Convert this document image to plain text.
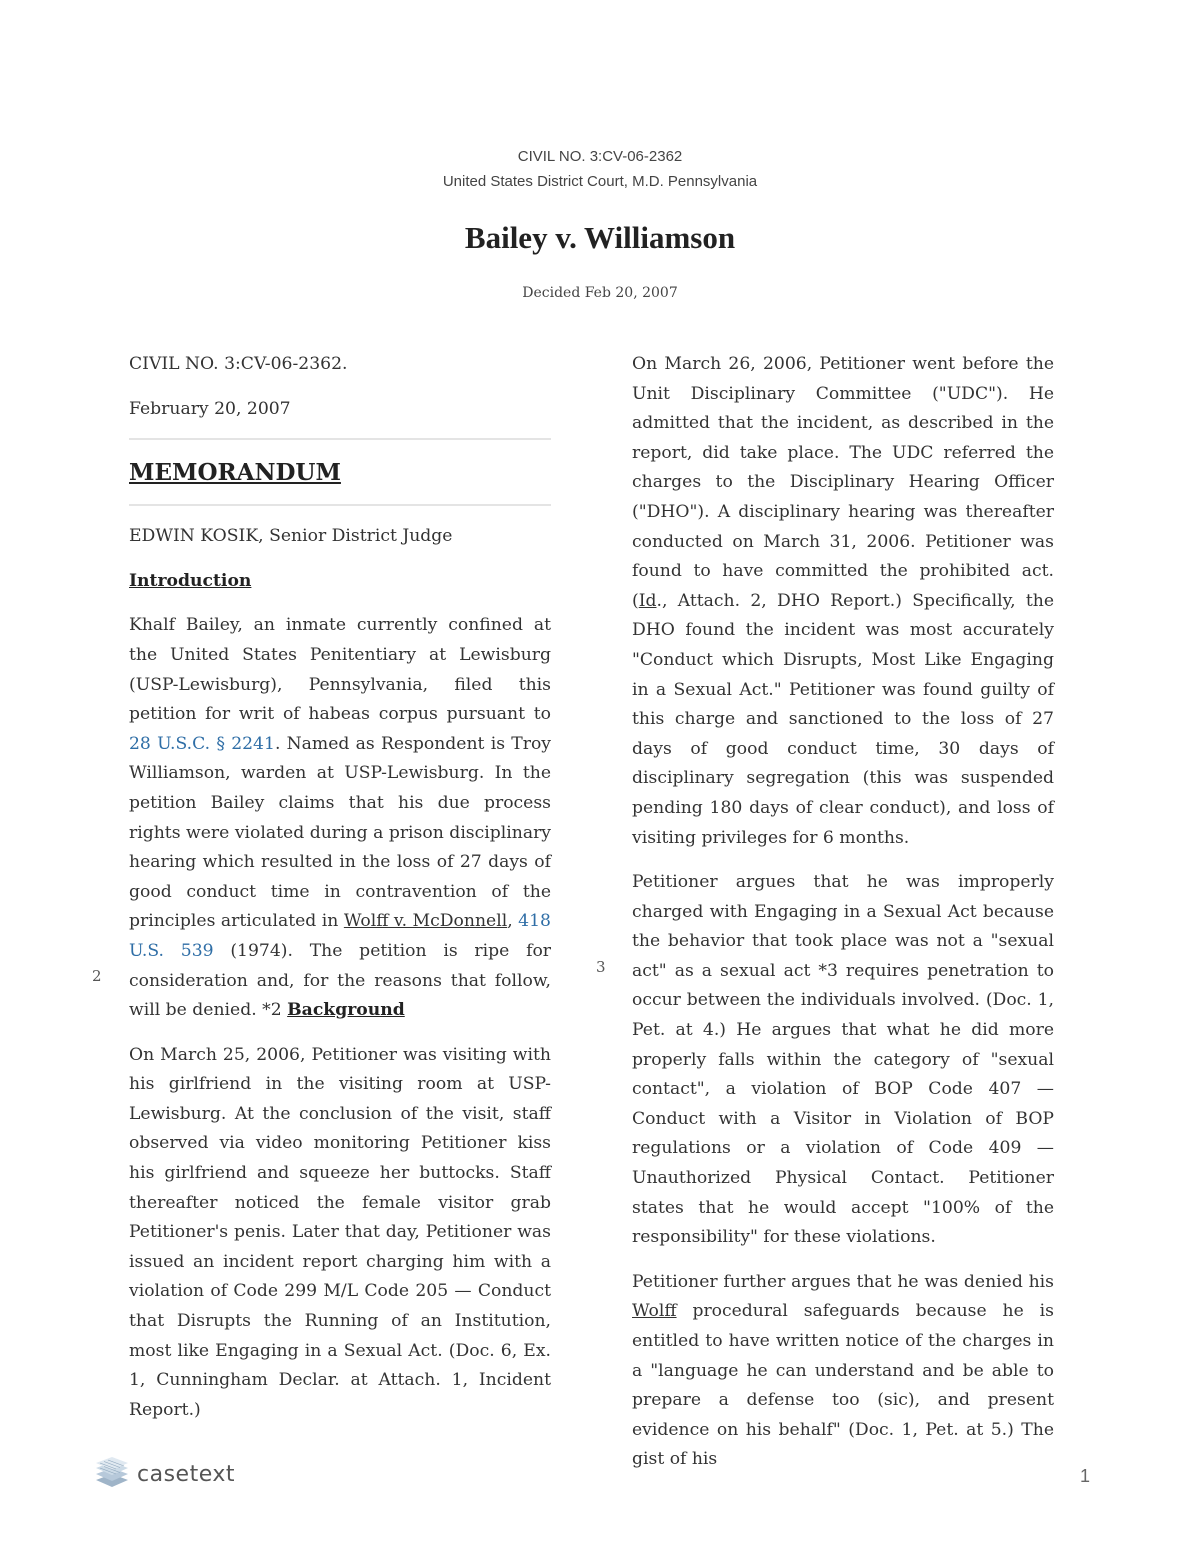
CIVIL NO. 3:CV-06-2362
United States District Court, M.D. Pennsylvania
Bailey v. Williamson
Decided Feb 20, 2007

CIVIL NO. 3:CV-06-2362.

February 20, 2007

MEMORANDUM

EDWIN KOSIK, Senior District Judge

Introduction

Khalf Bailey, an inmate currently confined at the United States Penitentiary at Lewisburg (USP-Lewisburg), Pennsylvania, filed this petition for writ of habeas corpus pursuant to 28 U.S.C. § 2241. Named as Respondent is Troy Williamson, warden at USP-Lewisburg. In the petition Bailey claims that his due process rights were violated during a prison disciplinary hearing which resulted in the loss of 27 days of good conduct time in contravention of the principles articulated in Wolff v. McDonnell, 418 U.S. 539 (1974). The petition is ripe for consideration and, for the reasons that follow, will be denied. *2 Background

On March 25, 2006, Petitioner was visiting with his girlfriend in the visiting room at USP-Lewisburg. At the conclusion of the visit, staff observed via video monitoring Petitioner kiss his girlfriend and squeeze her buttocks. Staff thereafter noticed the female visitor grab Petitioner's penis. Later that day, Petitioner was issued an incident report charging him with a violation of Code 299 M/L Code 205 — Conduct that Disrupts the Running of an Institution, most like Engaging in a Sexual Act. (Doc. 6, Ex. 1, Cunningham Declar. at Attach. 1, Incident Report.)

On March 26, 2006, Petitioner went before the Unit Disciplinary Committee ("UDC"). He admitted that the incident, as described in the report, did take place. The UDC referred the charges to the Disciplinary Hearing Officer ("DHO"). A disciplinary hearing was thereafter conducted on March 31, 2006. Petitioner was found to have committed the prohibited act. (Id., Attach. 2, DHO Report.) Specifically, the DHO found the incident was most accurately "Conduct which Disrupts, Most Like Engaging in a Sexual Act." Petitioner was found guilty of this charge and sanctioned to the loss of 27 days of good conduct time, 30 days of disciplinary segregation (this was suspended pending 180 days of clear conduct), and loss of visiting privileges for 6 months.

Petitioner argues that he was improperly charged with Engaging in a Sexual Act because the behavior that took place was not a "sexual act" as a sexual act *3 requires penetration to occur between the individuals involved. (Doc. 1, Pet. at 4.) He argues that what he did more properly falls within the category of "sexual contact", a violation of BOP Code 407 — Conduct with a Visitor in Violation of BOP regulations or a violation of Code 409 — Unauthorized Physical Contact. Petitioner states that he would accept "100% of the responsibility" for these violations.

Petitioner further argues that he was denied his Wolff procedural safeguards because he is entitled to have written notice of the charges in a "language he can understand and be able to prepare a defense too (sic), and present evidence on his behalf" (Doc. 1, Pet. at 5.) The gist of his

2	3
casetext	1
